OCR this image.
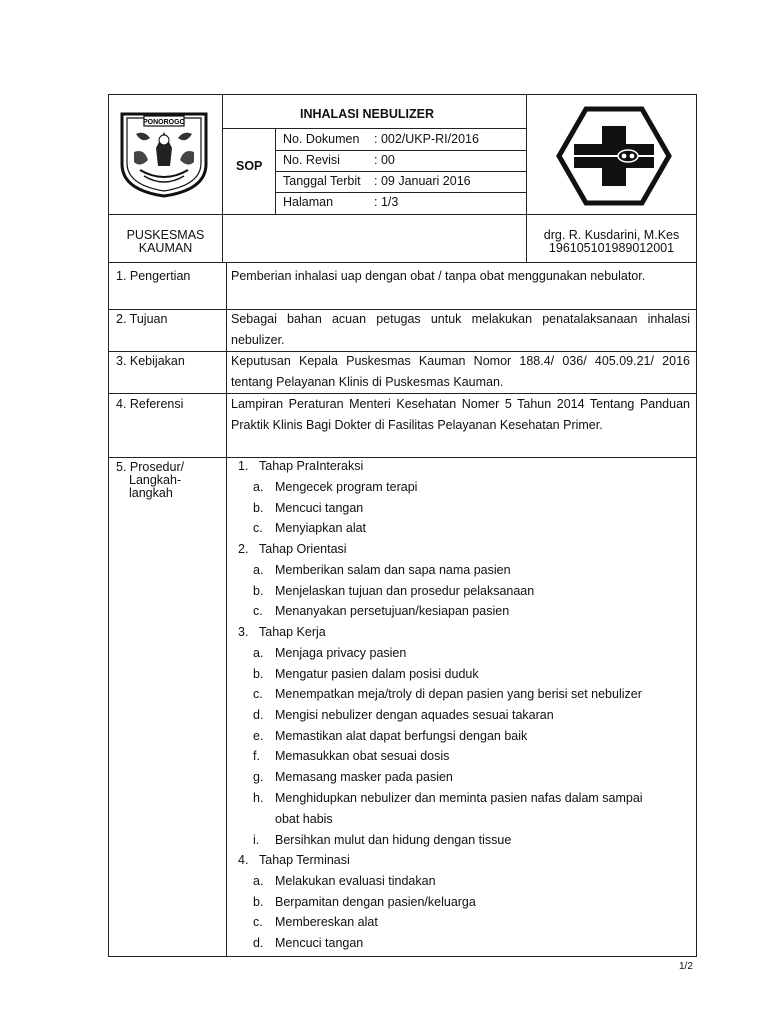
PONOROGO
INHALASI NEBULIZER
SOP
No. Dokumen : 002/UKP-RI/2016
No. Revisi	: 00
Tanggal Terbit : 09 Januari 2016
Halaman	: 1/3
PUSKESMAS
KAUMAN
drg. R. Kusdarini, M.Kes
196105101989012001
1. Pengertian	Pemberian inhalasi uap dengan obat / tanpa obat menggunakan nebulator.
2. Tujuan	Sebagai bahan acuan petugas untuk melakukan penatalaksanaan inhalasi nebulizer.
3. Kebijakan	Keputusan Kepala Puskesmas Kauman Nomor 188.4/ 036/ 405.09.21/ 2016 tentang Pelayanan Klinis di Puskesmas Kauman.
4. Referensi	Lampiran Peraturan Menteri Kesehatan Nomer 5 Tahun 2014 Tentang Panduan Praktik Klinis Bagi Dokter di Fasilitas Pelayanan Kesehatan Primer.
5. Prosedur/
Langkah-
langkah
1. Tahap PraInteraksi
a. Mengecek program terapi
b. Mencuci tangan
c. Menyiapkan alat
2. Tahap Orientasi
a. Memberikan salam dan sapa nama pasien
b. Menjelaskan tujuan dan prosedur pelaksanaan
c. Menanyakan persetujuan/kesiapan pasien
3. Tahap Kerja
a. Menjaga privacy pasien
b. Mengatur pasien dalam posisi duduk
c. Menempatkan meja/troly di depan pasien yang berisi set nebulizer
d. Mengisi nebulizer dengan aquades sesuai takaran
e. Memastikan alat dapat berfungsi dengan baik
f. Memasukkan obat sesuai dosis
g. Memasang masker pada pasien
h. Menghidupkan nebulizer dan meminta pasien nafas dalam sampai
obat habis
i. Bersihkan mulut dan hidung dengan tissue
4. Tahap Terminasi
a. Melakukan evaluasi tindakan
b. Berpamitan dengan pasien/keluarga
c. Membereskan alat
d. Mencuci tangan
1/2
